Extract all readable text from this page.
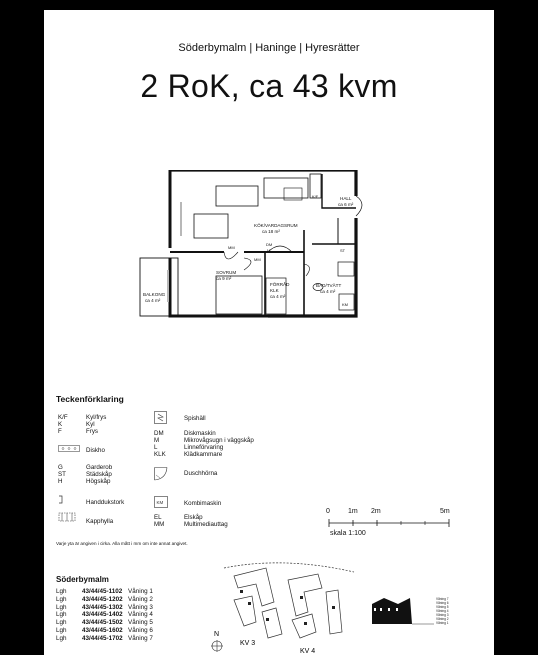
Söderbymalm | Haninge | Hyresrätter
2 RoK, ca 43 kvm
KÖK/VARDAGSRUM
ca 18 m²
SOVRUM
ca 9 m²
FÖRRÅD
KLK
ca 4 m²
BAD/TVÄTT
ca 4 m²
HALL
ca 6 m²
BALKONG
ca 4 m²
K/F
MM
MM
DM
M	ST
KM
Teckenförklaring
K/F	Kyl/frys
K	Kyl
F	Frys
Diskho
G	Garderob
ST	Städskåp
H	Högskåp
Handdukstork
Kapphylla
Spishäll
DM	Diskmaskin
M	Mikrovågsugn i väggskåp
L	Linneförvaring
KLK	Klädkammare
Duschhörna
KM	Kombimaskin
EL	Elskåp
MM	Multimediauttag
0	1m 2m	5m
skala 1:100
Varje yta är angiven i cirka. Alla mått i mm om inte annat angivet.
Söderbymalm
Lgh 43/44/45-1102 Våning 1
Lgh 43/44/45-1202 Våning 2
Lgh 43/44/45-1302 Våning 3
Lgh 43/44/45-1402 Våning 4
Lgh 43/44/45-1502 Våning 5
Lgh 43/44/45-1602 Våning 6
Lgh 43/44/45-1702 Våning 7
N
KV 3
KV 4
Våning 7
Våning 6
Våning 5
Våning 4
Våning 3
Våning 2
Våning 1
